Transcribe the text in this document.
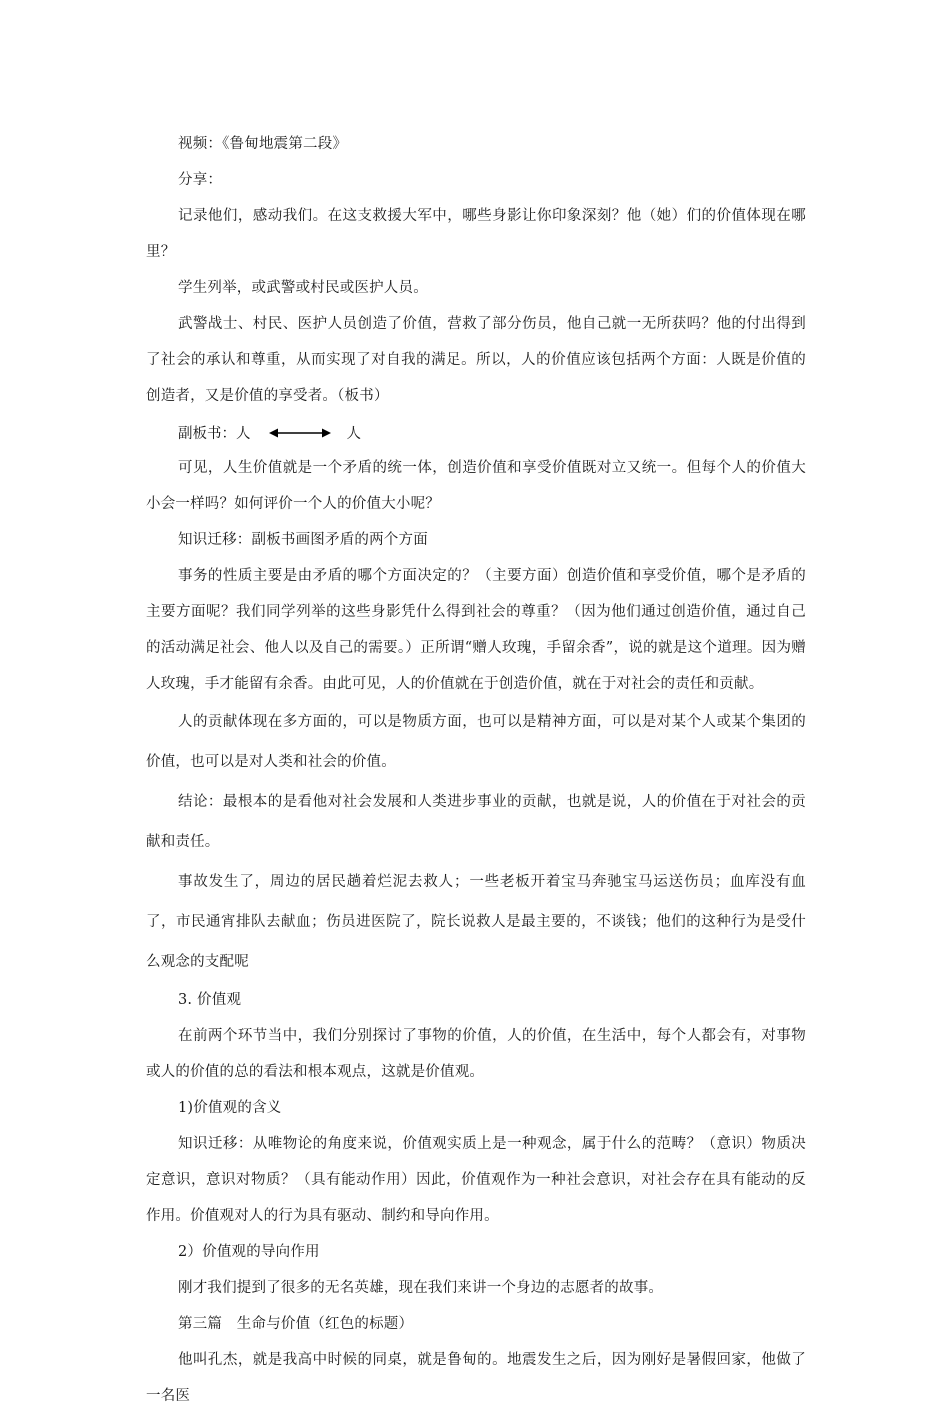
视频：《鲁甸地震第二段》

分享：

记录他们，感动我们。在这支救援大军中，哪些身影让你印象深刻？他（她）们的价值体现在哪里？

学生列举，或武警或村民或医护人员。

武警战士、村民、医护人员创造了价值，营救了部分伤员，他自己就一无所获吗？他的付出得到了社会的承认和尊重，从而实现了对自我的满足。所以，人的价值应该包括两个方面：人既是价值的创造者，又是价值的享受者。（板书）

副板书：人	人

可见，人生价值就是一个矛盾的统一体，创造价值和享受价值既对立又统一。但每个人的价值大小会一样吗？如何评价一个人的价值大小呢？

知识迁移：副板书画图矛盾的两个方面

事务的性质主要是由矛盾的哪个方面决定的？（主要方面）创造价值和享受价值，哪个是矛盾的主要方面呢？我们同学列举的这些身影凭什么得到社会的尊重？（因为他们通过创造价值，通过自己的活动满足社会、他人以及自己的需要。）正所谓“赠人玫瑰，手留余香”，说的就是这个道理。因为赠人玫瑰，手才能留有余香。由此可见，人的价值就在于创造价值，就在于对社会的责任和贡献。

人的贡献体现在多方面的，可以是物质方面，也可以是精神方面，可以是对某个人或某个集团的价值，也可以是对人类和社会的价值。

结论：最根本的是看他对社会发展和人类进步事业的贡献，也就是说，人的价值在于对社会的贡献和责任。

事故发生了，周边的居民趟着烂泥去救人；一些老板开着宝马奔驰宝马运送伤员；血库没有血了，市民通宵排队去献血；伤员进医院了，院长说救人是最主要的，不谈钱；他们的这种行为是受什么观念的支配呢

3. 价值观

在前两个环节当中，我们分别探讨了事物的价值，人的价值，在生活中，每个人都会有，对事物或人的价值的总的看法和根本观点，这就是价值观。

1)价值观的含义

知识迁移：从唯物论的角度来说，价值观实质上是一种观念，属于什么的范畴？（意识）物质决定意识，意识对物质？（具有能动作用）因此，价值观作为一种社会意识，对社会存在具有能动的反作用。价值观对人的行为具有驱动、制约和导向作用。

2）价值观的导向作用

刚才我们提到了很多的无名英雄，现在我们来讲一个身边的志愿者的故事。

第三篇　生命与价值（红色的标题）

他叫孔杰，就是我高中时候的同桌，就是鲁甸的。地震发生之后，因为刚好是暑假回家，他做了一名医
